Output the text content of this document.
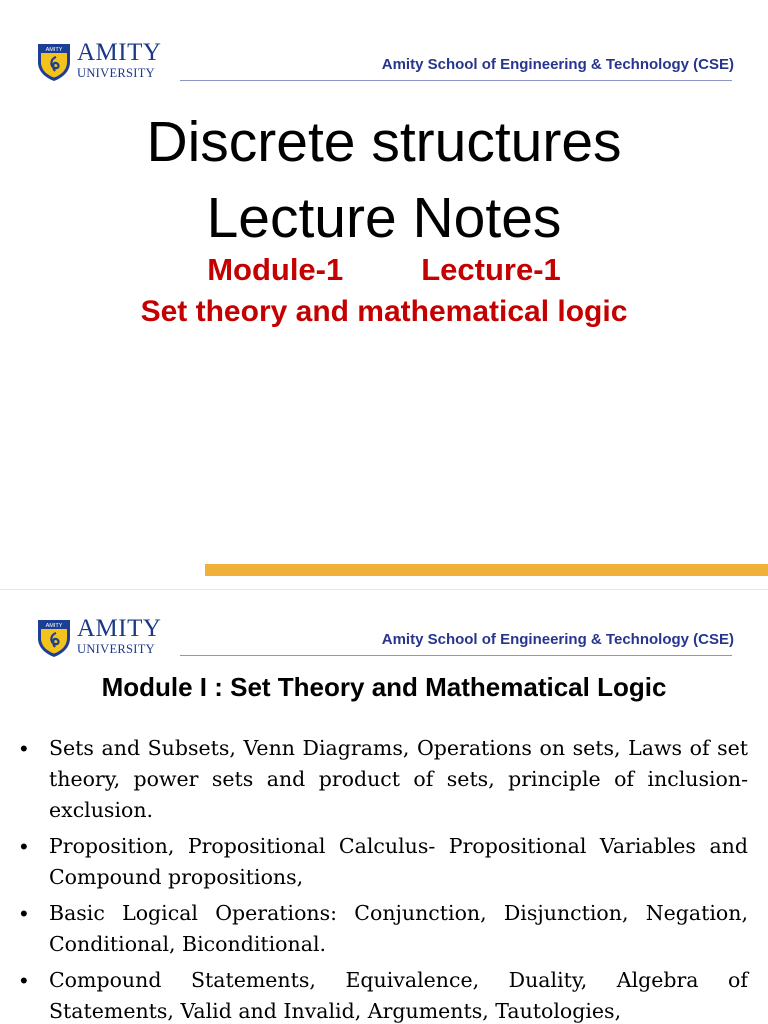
AMITY AMITY
UNIVERSITY	Amity School of Engineering & Technology (CSE)
Discrete structures
Lecture Notes
Module-1	Lecture-1
Set theory and mathematical logic
AMITY AMITY
UNIVERSITY
Amity School of Engineering & Technology (CSE)
Module I : Set Theory and Mathematical Logic
• Sets and Subsets, Venn Diagrams, Operations on sets, Laws of set theory, power sets and product of sets, principle of inclusion-exclusion.
• Proposition, Propositional Calculus- Propositional Variables and Compound propositions,
• Basic Logical Operations: Conjunction, Disjunction, Negation, Conditional, Biconditional.
• Compound Statements, Equivalence, Duality, Algebra of Statements, Valid and Invalid, Arguments, Tautologies,
